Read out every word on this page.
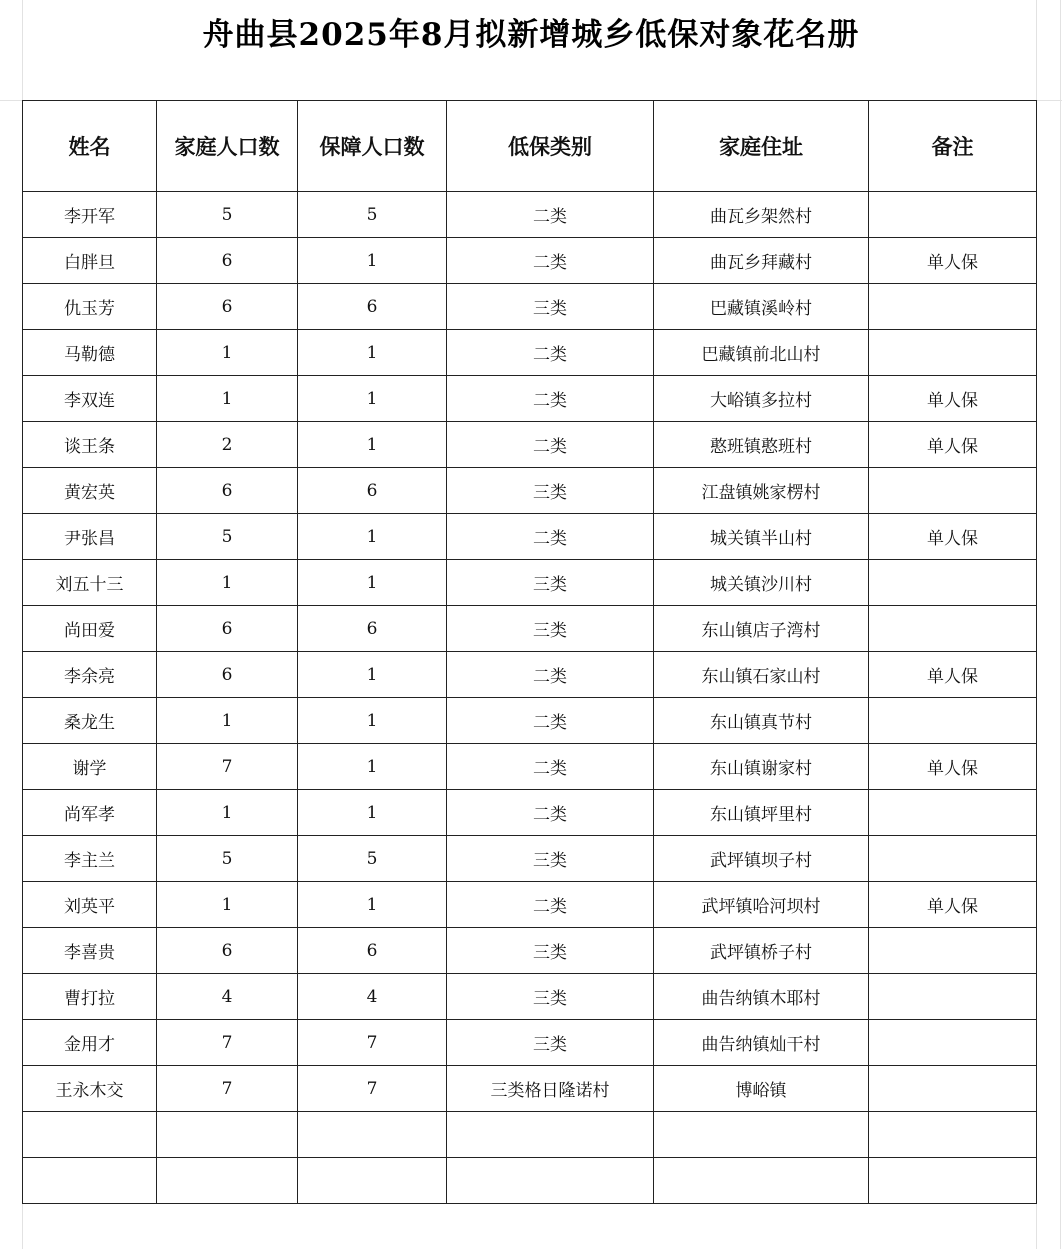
舟曲县2025年8月拟新增城乡低保对象花名册
姓名	家庭人口数	保障人口数	低保类别	家庭住址	备注
李开军	5	5	二类	曲瓦乡架然村	
白胖旦	6	1	二类	曲瓦乡拜藏村	单人保
仇玉芳	6	6	三类	巴藏镇溪岭村	
马勒德	1	1	二类	巴藏镇前北山村	
李双连	1	1	二类	大峪镇多拉村	单人保
谈王条	2	1	二类	憨班镇憨班村	单人保
黄宏英	6	6	三类	江盘镇姚家楞村	
尹张昌	5	1	二类	城关镇半山村	单人保
刘五十三	1	1	三类	城关镇沙川村	
尚田爱	6	6	三类	东山镇店子湾村	
李余亮	6	1	二类	东山镇石家山村	单人保
桑龙生	1	1	二类	东山镇真节村	
谢学	7	1	二类	东山镇谢家村	单人保
尚军孝	1	1	二类	东山镇坪里村	
李主兰	5	5	三类	武坪镇坝子村	
刘英平	1	1	二类	武坪镇哈河坝村	单人保
李喜贵	6	6	三类	武坪镇桥子村	
曹打拉	4	4	三类	曲告纳镇木耶村	
金用才	7	7	三类	曲告纳镇灿干村	
王永木交	7	7	三类格日隆诺村	博峪镇	
